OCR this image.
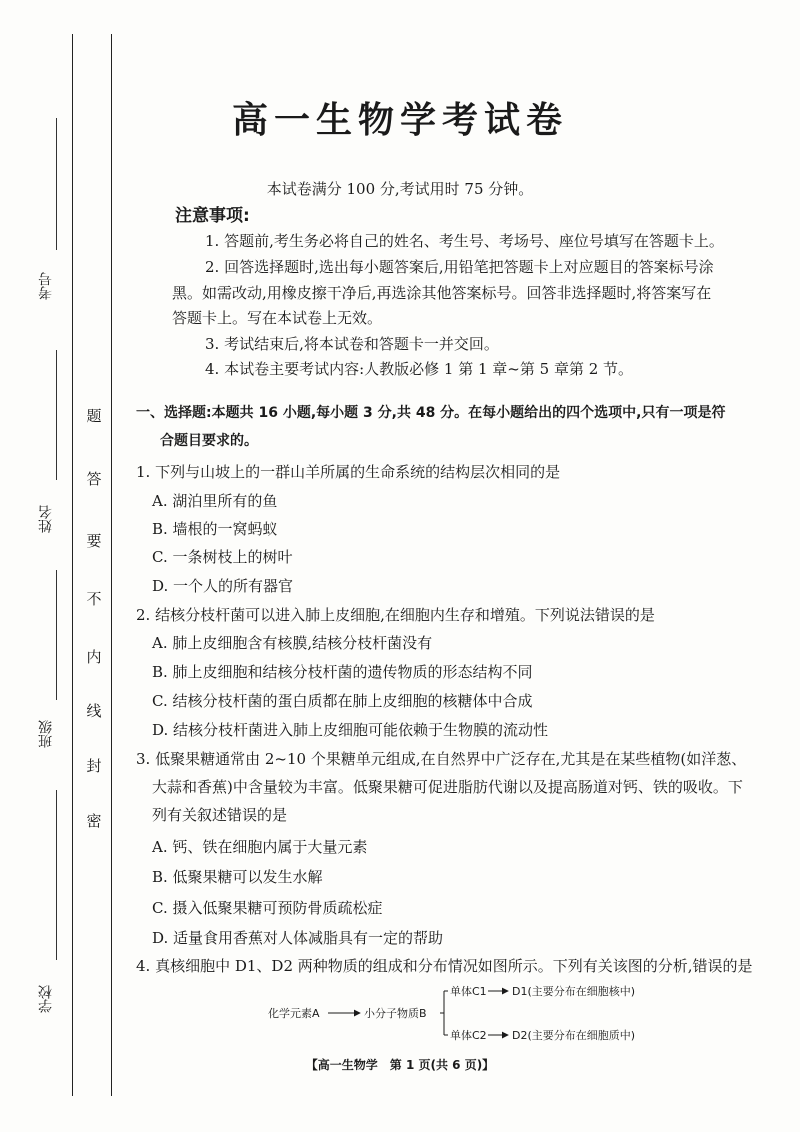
考号
姓名
班级
学校
题
答
要
不
内
线
封
密
高一生物学考试卷
本试卷满分 100 分,考试用时 75 分钟。
注意事项:
1. 答题前,考生务必将自己的姓名、考生号、考场号、座位号填写在答题卡上。
2. 回答选择题时,选出每小题答案后,用铅笔把答题卡上对应题目的答案标号涂
黑。如需改动,用橡皮擦干净后,再选涂其他答案标号。回答非选择题时,将答案写在
答题卡上。写在本试卷上无效。
3. 考试结束后,将本试卷和答题卡一并交回。
4. 本试卷主要考试内容:人教版必修 1 第 1 章~第 5 章第 2 节。
一、选择题:本题共 16 小题,每小题 3 分,共 48 分。在每小题给出的四个选项中,只有一项是符
合题目要求的。
1. 下列与山坡上的一群山羊所属的生命系统的结构层次相同的是
A. 湖泊里所有的鱼
B. 墙根的一窝蚂蚁
C. 一条树枝上的树叶
D. 一个人的所有器官
2. 结核分枝杆菌可以进入肺上皮细胞,在细胞内生存和增殖。下列说法错误的是
A. 肺上皮细胞含有核膜,结核分枝杆菌没有
B. 肺上皮细胞和结核分枝杆菌的遗传物质的形态结构不同
C. 结核分枝杆菌的蛋白质都在肺上皮细胞的核糖体中合成
D. 结核分枝杆菌进入肺上皮细胞可能依赖于生物膜的流动性
3. 低聚果糖通常由 2~10 个果糖单元组成,在自然界中广泛存在,尤其是在某些植物(如洋葱、
大蒜和香蕉)中含量较为丰富。低聚果糖可促进脂肪代谢以及提高肠道对钙、铁的吸收。下
列有关叙述错误的是
A. 钙、铁在细胞内属于大量元素
B. 低聚果糖可以发生水解
C. 摄入低聚果糖可预防骨质疏松症
D. 适量食用香蕉对人体减脂具有一定的帮助
4. 真核细胞中 D1、D2 两种物质的组成和分布情况如图所示。下列有关该图的分析,错误的是
化学元素A	小分子物质B
单体C1 D1(主要分布在细胞核中)
单体C2 D2(主要分布在细胞质中)
【高一生物学　第 1 页(共 6 页)】
